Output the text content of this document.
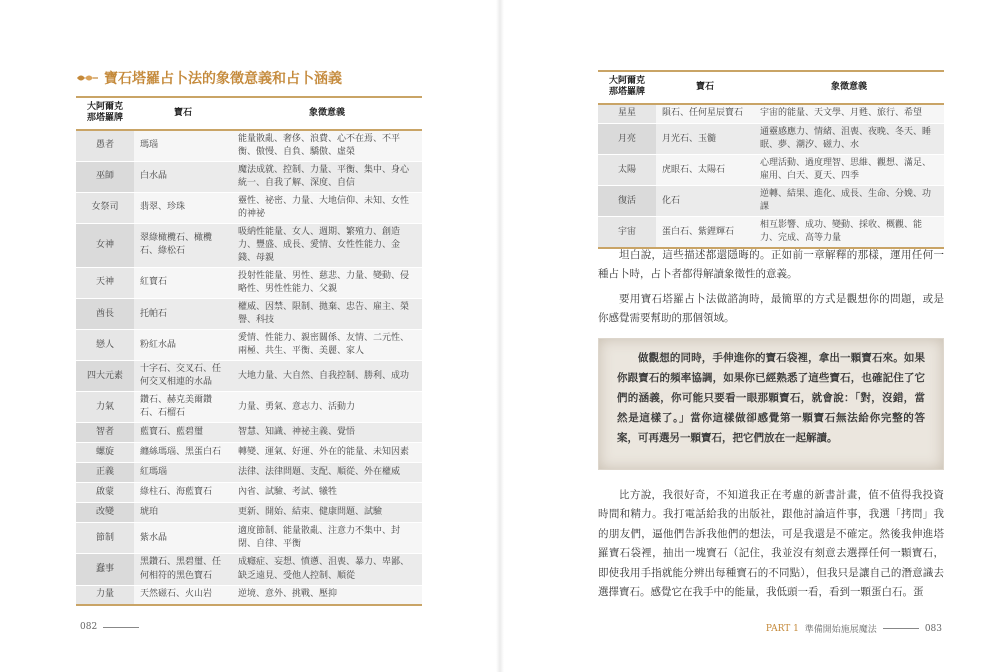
寶石塔羅占卜法的象徵意義和占卜涵義
大阿爾克
那塔羅牌	寶石	象徵意義
愚者	瑪瑙	能量散亂、奢侈、浪費、心不在焉、不平衡、傲慢、自負、驕傲、虛榮
巫師	白水晶	魔法成就、控制、力量、平衡、集中、身心統一、自我了解、深度、自信
女祭司	翡翠、珍珠	靈性、祕密、力量、大地信仰、未知、女性的神祕
女神	翠綠橄欖石、橄欖石、綠松石	吸納性能量、女人、週期、繁殖力、創造力、豐盛、成長、愛情、女性性能力、金錢、母親
天神	紅寶石	投射性能量、男性、慈悲、力量、變動、侵略性、男性性能力、父親
酋長	托帕石	權威、因禁、限制、拋棄、忠告、雇主、榮譽、科技
戀人	粉紅水晶	愛情、性能力、親密關係、友情、二元性、兩極、共生、平衡、美麗、家人
四大元素	十字石、交叉石、任何交叉相連的水晶	大地力量、大自然、自我控制、勝利、成功
力氣	鑽石、赫克美爾鑽石、石榴石	力量、勇氣、意志力、活動力
智者	藍寶石、藍碧璽	智慧、知識、神祕主義、覺悟
螺旋	纏絲瑪瑙、黑蛋白石	轉變、運氣、好運、外在的能量、未知因素
正義	紅瑪瑙	法律、法律問題、支配、順從、外在權威
啟蒙	綠柱石、海藍寶石	內省、試驗、考試、犧牲
改變	琥珀	更新、開始、結束、健康問題、試驗
節制	紫水晶	適度節制、能量散亂、注意力不集中、封閉、自律、平衡
蠢事	黑鑽石、黑碧璽、任何相符的黑色寶石	成癮症、妄想、憤懣、沮喪、暴力、卑鄙、缺乏遠見、受他人控制、順從
力量	天然磁石、火山岩	逆境、意外、挑戰、壓抑
082
大阿爾克
那塔羅牌	寶石	象徵意義
星星	隕石、任何星辰寶石	宇宙的能量、天文學、月甦、旅行、希望
月亮	月光石、玉髓	通靈感應力、情緒、沮喪、夜晚、冬天、睡眠、夢、潮汐、磁力、水
太陽	虎眼石、太陽石	心理活動、過度理智、思維、觀想、滿足、雇用、白天、夏天、四季
復活	化石	逆轉、結果、進化、成長、生命、分娩、功課
宇宙	蛋白石、紫鋰輝石	相互影響、成功、變動、採收、概觀、能力、完成、高等力量

坦白說，這些描述都還隱晦的。正如前一章解釋的那樣，運用任何一種占卜時，占卜者都得解讀象徵性的意義。

要用寶石塔羅占卜法做諮詢時，最簡單的方式是觀想你的問題，或是你感覺需要幫助的那個領域。

做觀想的同時，手伸進你的寶石袋裡，拿出一顆寶石來。如果你跟寶石的頻率協調，如果你已經熟悉了這些寶石，也確記住了它們的涵義，你可能只要看一眼那顆寶石，就會說：「對，沒錯，當然是這樣了。」當你這樣做卻感覺第一顆寶石無法給你完整的答案，可再選另一顆寶石，把它們放在一起解讀。

比方說，我很好奇，不知道我正在考慮的新書計畫，值不值得我投資時間和精力。我打電話給我的出版社，跟他討論這件事，我選「拷問」我的朋友們，逼他們告訴我他們的想法，可是我還是不確定。然後我伸進塔羅寶石袋裡，抽出一塊寶石（記住，我並沒有刻意去選擇任何一顆寶石，即使我用手指就能分辨出每種寶石的不同點），但我只是讓自己的潛意識去選擇寶石。感覺它在我手中的能量，我低頭一看，看到一顆蛋白石。蛋

PART 1 準備開始施展魔法	083
